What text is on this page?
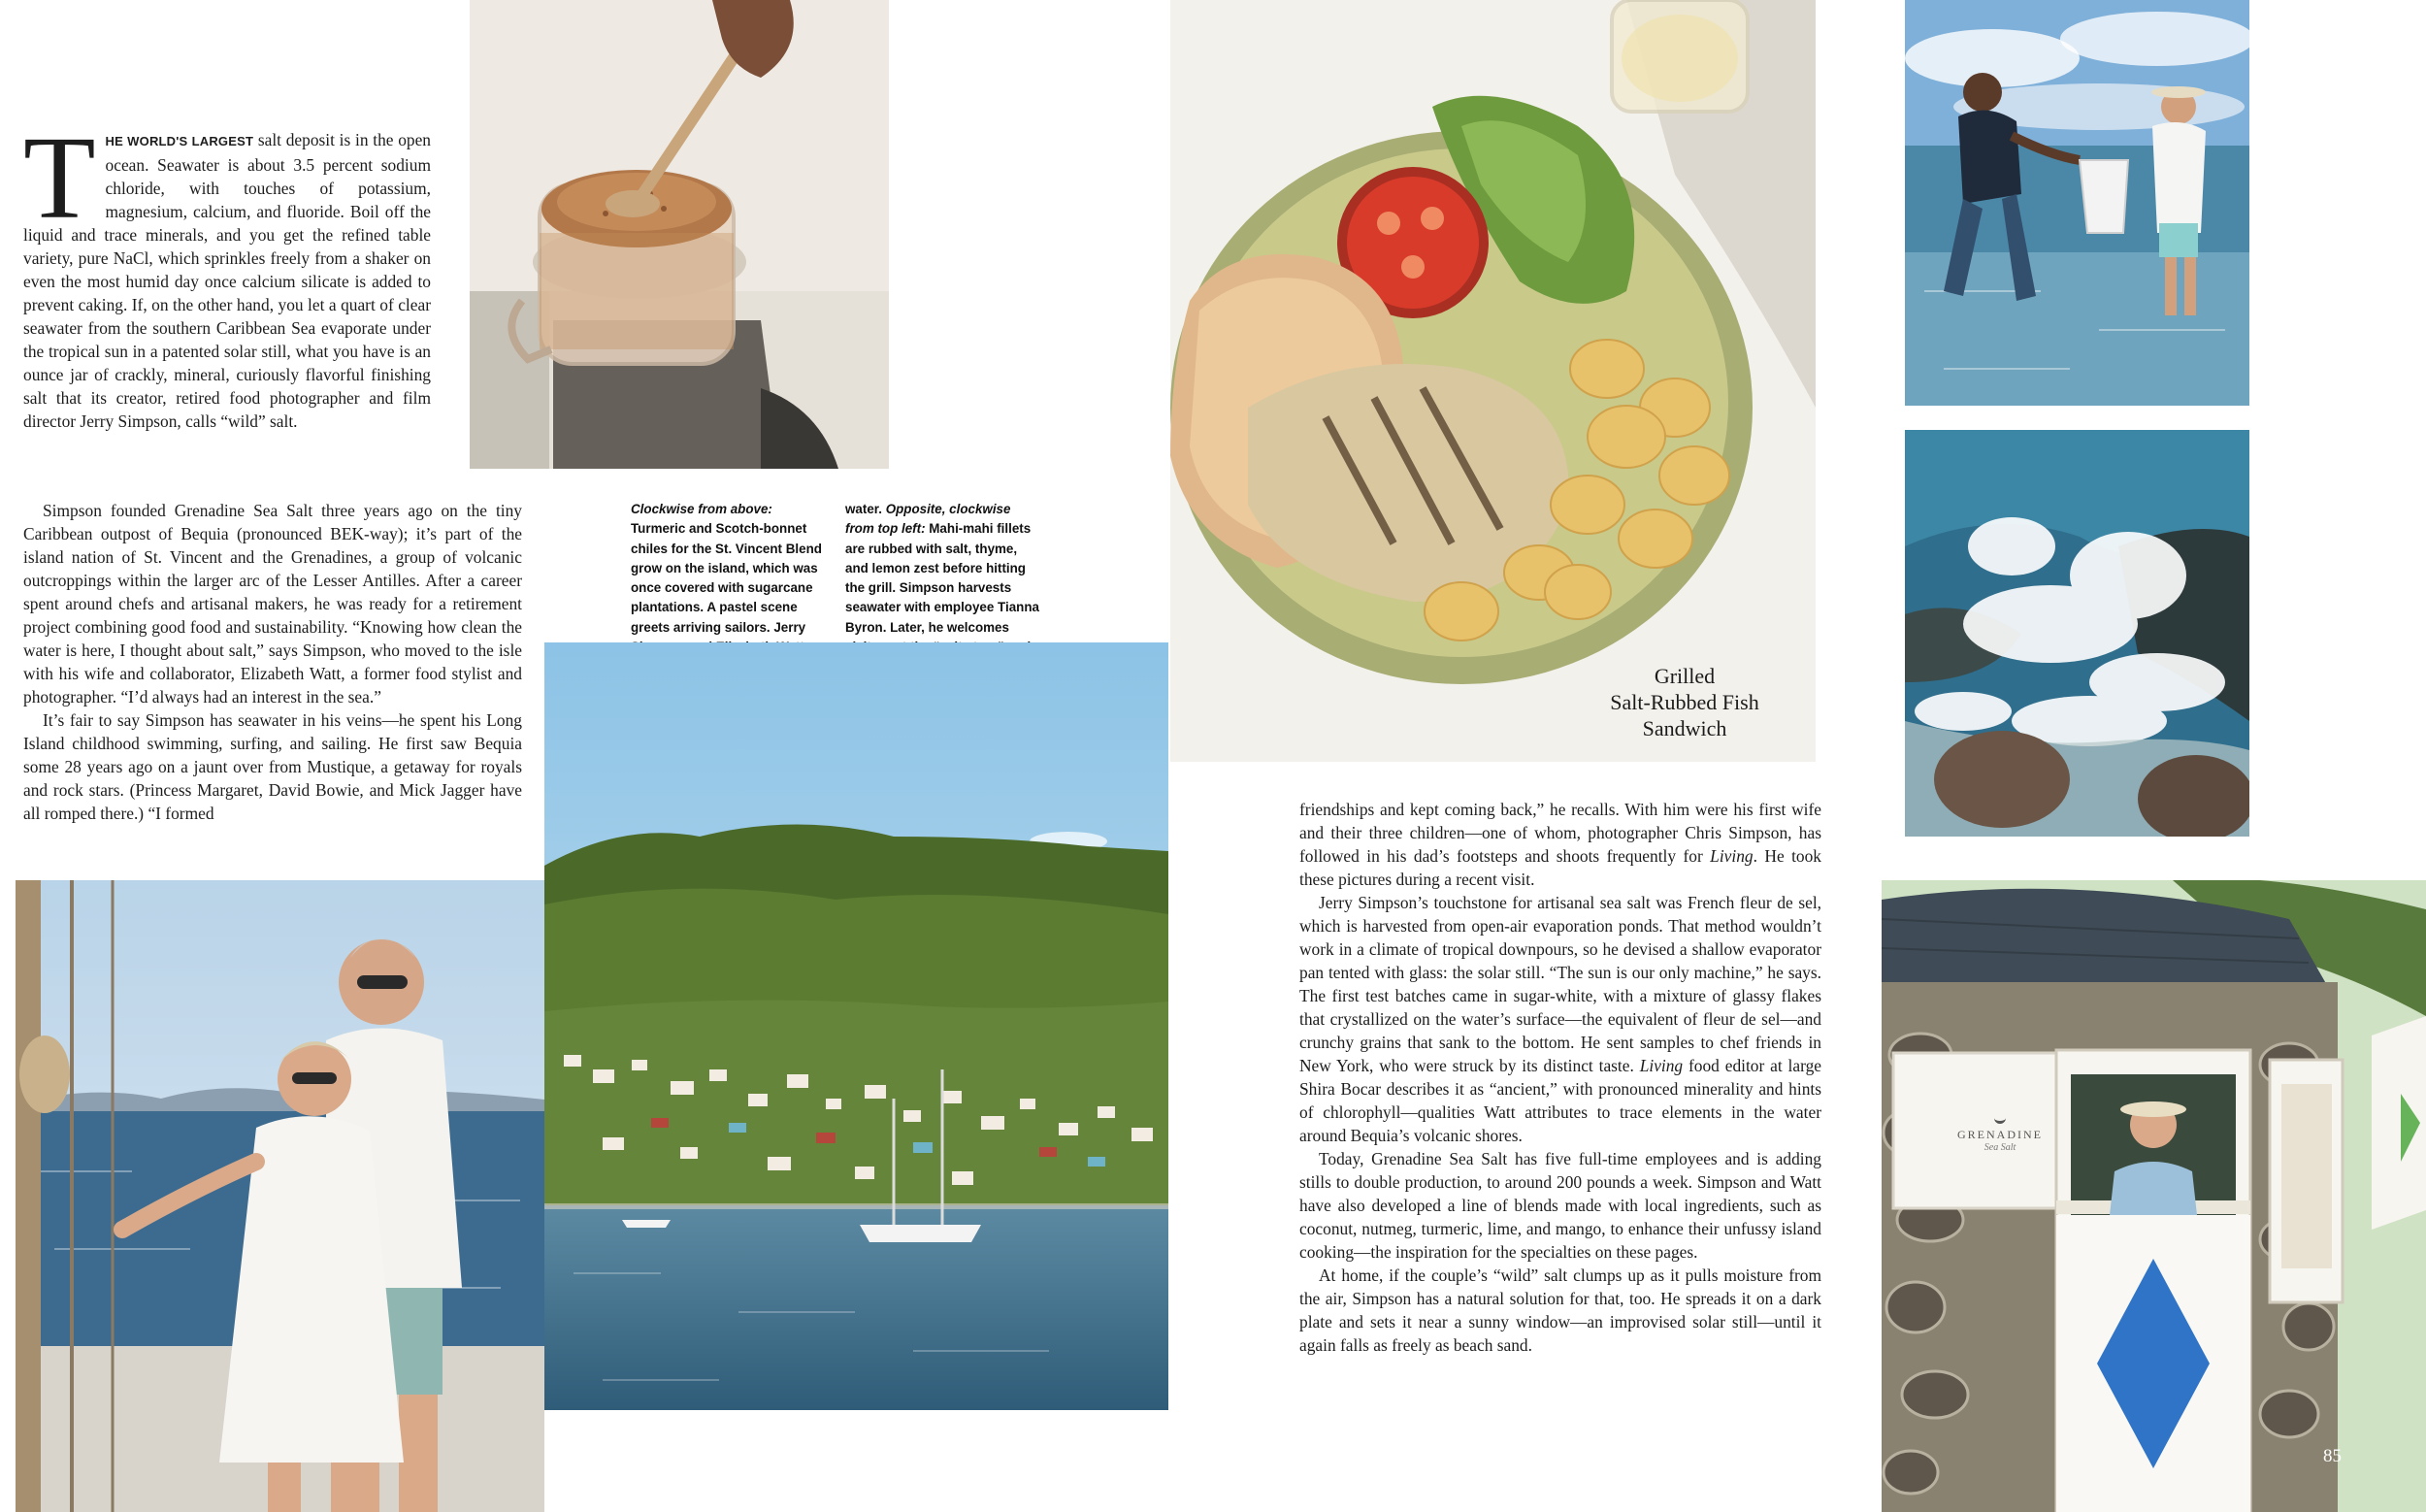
T HE WORLD'S LARGEST salt deposit is in the open ocean. Seawater is about 3.5 percent sodium chloride, with touches of potassium, magnesium, calcium, and fluoride. Boil off the liquid and trace minerals, and you get the refined table variety, pure NaCl, which sprinkles freely from a shaker on even the most humid day once calcium silicate is added to prevent caking. If, on the other hand, you let a quart of clear seawater from the southern Caribbean Sea evaporate under the tropical sun in a patented solar still, what you have is an ounce jar of crackly, mineral, curiously flavorful finishing salt that its creator, retired food photographer and film director Jerry Simpson, calls “wild” salt.

Simpson founded Grenadine Sea Salt three years ago on the tiny Caribbean outpost of Bequia (pronounced BEK-way); it’s part of the island nation of St. Vincent and the Grenadines, a group of volcanic outcroppings within the larger arc of the Lesser Antilles. After a career spent around chefs and artisanal makers, he was ready for a retirement project combining good food and sustainability. “Knowing how clean the water is here, I thought about salt,” says Simpson, who moved to the isle with his wife and collaborator, Elizabeth Watt, a former food stylist and photographer. “I’d always had an interest in the sea.”

It’s fair to say Simpson has seawater in his veins—he spent his Long Island childhood swimming, surfing, and sailing. He first saw Bequia some 28 years ago on a jaunt over from Mustique, a getaway for royals and rock stars. (Princess Margaret, David Bowie, and Mick Jagger have all romped there.) “I formed

Clockwise from above: Turmeric and Scotch-bonnet chiles for the St. Vincent Blend grow on the island, which was once covered with sugarcane plantations. A pastel scene greets arriving sailors. Jerry
water. Opposite, clockwise from top left: Mahi-mahi fillets are rubbed with salt, thyme, and lemon zest before hitting the grill. Simpson harvests seawater with employee Tianna Byron. Later, he welcomes
Grilled
Salt-Rubbed Fish
Sandwich
GRENADINE
Sea Salt
85

friendships and kept coming back,” he recalls. With him were his first wife and their three children—one of whom, photographer Chris Simpson, has followed in his dad’s footsteps and shoots frequently for Living. He took these pictures during a recent visit.

Jerry Simpson’s touchstone for artisanal sea salt was French fleur de sel, which is harvested from open-air evaporation ponds. That method wouldn’t work in a climate of tropical downpours, so he devised a shallow evaporator pan tented with glass: the solar still. “The sun is our only machine,” he says. The first test batches came in sugar-white, with a mixture of glassy flakes that crystallized on the water’s surface—the equivalent of fleur de sel—and crunchy grains that sank to the bottom. He sent samples to chef friends in New York, who were struck by its distinct taste. Living food editor at large Shira Bocar describes it as “ancient,” with pronounced minerality and hints of chlorophyll—qualities Watt attributes to trace elements in the water around Bequia’s volcanic shores.

Today, Grenadine Sea Salt has five full-time employees and is adding stills to double production, to around 200 pounds a week. Simpson and Watt have also developed a line of blends made with local ingredients, such as coconut, nutmeg, turmeric, lime, and mango, to enhance their unfussy island cooking—the inspiration for the specialties on these pages.

At home, if the couple’s “wild” salt clumps up as it pulls moisture from the air, Simpson has a natural solution for that, too. He spreads it on a dark plate and sets it near a sunny window—an improvised solar still—until it again falls as freely as beach sand.
